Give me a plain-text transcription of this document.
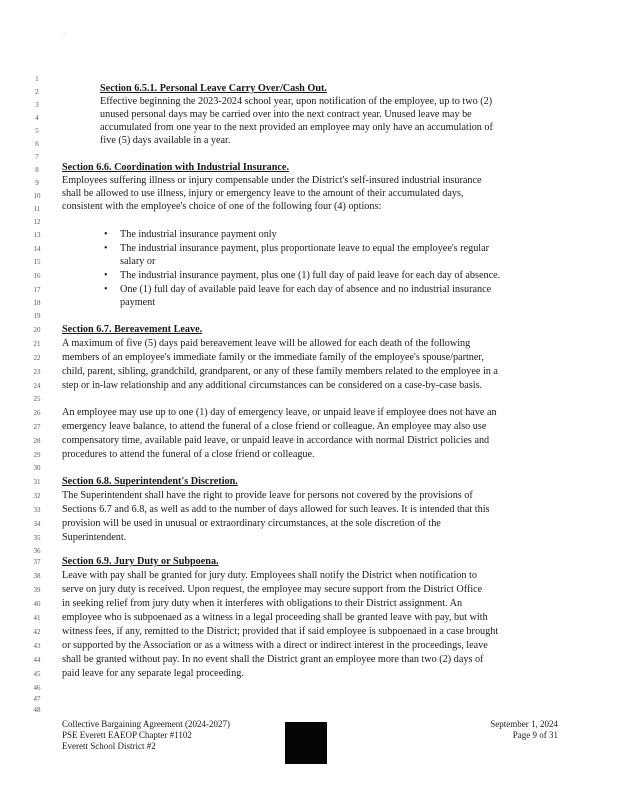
. .
1
2
3
4
5
6
7
8
9
10
11
12
13
14
15
16
17
18
19
20
21
22
23
24
25
26
27
28
29
30
31
32
33
34
35
36
37
38
39
40
41
42
43
44
45
46
47
48
Section 6.5.1. Personal Leave Carry Over/Cash Out.
Effective beginning the 2023-2024 school year, upon notification of the employee, up to two (2)
unused personal days may be carried over into the next contract year. Unused leave may be
accumulated from one year to the next provided an employee may only have an accumulation of
five (5) days available in a year.
Section 6.6. Coordination with Industrial Insurance.
Employees suffering illness or injury compensable under the District's self-insured industrial insurance
shall be allowed to use illness, injury or emergency leave to the amount of their accumulated days,
consistent with the employee's choice of one of the following four (4) options:
• The industrial insurance payment only
• The industrial insurance payment, plus proportionate leave to equal the employee's regular
salary or
• The industrial insurance payment, plus one (1) full day of paid leave for each day of absence.
• One (1) full day of available paid leave for each day of absence and no industrial insurance
payment
Section 6.7. Bereavement Leave.
A maximum of five (5) days paid bereavement leave will be allowed for each death of the following
members of an employee's immediate family or the immediate family of the employee's spouse/partner,
child, parent, sibling, grandchild, grandparent, or any of these family members related to the employee in a
step or in-law relationship and any additional circumstances can be considered on a case-by-case basis.
An employee may use up to one (1) day of emergency leave, or unpaid leave if employee does not have an
emergency leave balance, to attend the funeral of a close friend or colleague. An employee may also use
compensatory time, available paid leave, or unpaid leave in accordance with normal District policies and
procedures to attend the funeral of a close friend or colleague.
Section 6.8. Superintendent's Discretion.
The Superintendent shall have the right to provide leave for persons not covered by the provisions of
Sections 6.7 and 6.8, as well as add to the number of days allowed for such leaves. It is intended that this
provision will be used in unusual or extraordinary circumstances, at the sole discretion of the
Superintendent.
Section 6.9. Jury Duty or Subpoena.
Leave with pay shall be granted for jury duty. Employees shall notify the District when notification to
serve on jury duty is received. Upon request, the employee may secure support from the District Office
in seeking relief from jury duty when it interferes with obligations to their District assignment. An
employee who is subpoenaed as a witness in a legal proceeding shall be granted leave with pay, but with
witness fees, if any, remitted to the District; provided that if said employee is subpoenaed in a case brought
or supported by the Association or as a witness with a direct or indirect interest in the proceedings, leave
shall be granted without pay. In no event shall the District grant an employee more than two (2) days of
paid leave for any separate legal proceeding.
Collective Bargaining Agreement (2024-2027)
PSE Everett EAEOP Chapter #1102
Everett School District #2
September 1, 2024
Page 9 of 31
